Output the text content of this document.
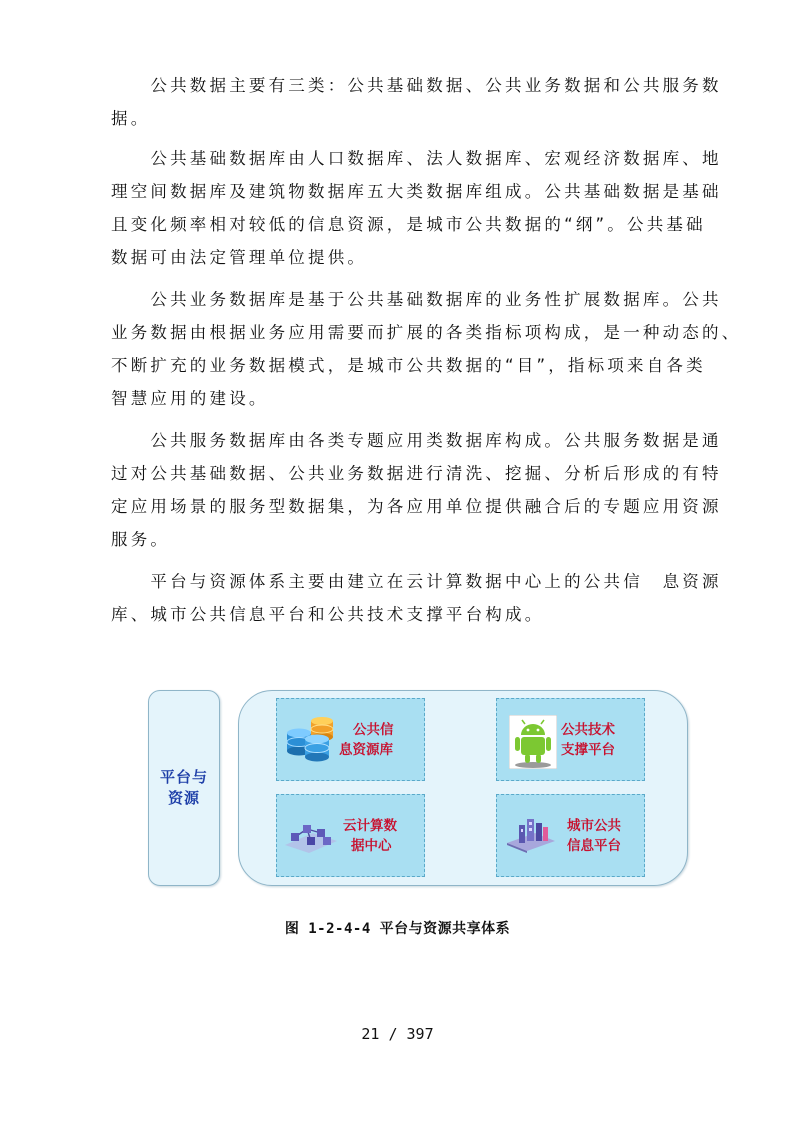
　　公共数据主要有三类：公共基础数据、公共业务数据和公共服务数
据。
　　公共基础数据库由人口数据库、法人数据库、宏观经济数据库、地
理空间数据库及建筑物数据库五大类数据库组成。公共基础数据是基础
且变化频率相对较低的信息资源，是城市公共数据的“纲”。公共基础
数据可由法定管理单位提供。
　　公共业务数据库是基于公共基础数据库的业务性扩展数据库。公共
业务数据由根据业务应用需要而扩展的各类指标项构成，是一种动态的、
不断扩充的业务数据模式，是城市公共数据的“目”，指标项来自各类
智慧应用的建设。
　　公共服务数据库由各类专题应用类数据库构成。公共服务数据是通
过对公共基础数据、公共业务数据进行清洗、挖掘、分析后形成的有特
定应用场景的服务型数据集，为各应用单位提供融合后的专题应用资源
服务。
　　平台与资源体系主要由建立在云计算数据中心上的公共信　息资源
库、城市公共信息平台和公共技术支撑平台构成。
平台与
资源
公共信
息资源库
公共技术
支撑平台
云计算数
据中心
城市公共
信息平台
图 1-2-4-4 平台与资源共享体系
21 / 397
